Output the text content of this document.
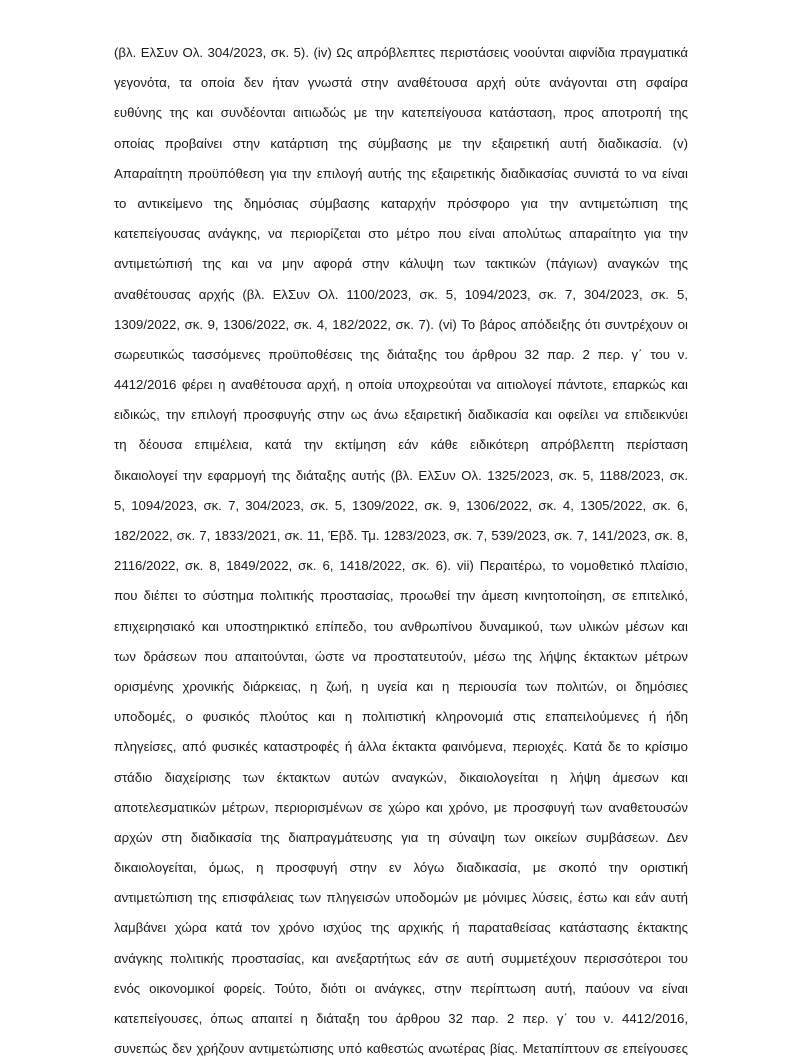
(βλ. ΕλΣυν Ολ. 304/2023, σκ. 5). (iv) Ως απρόβλεπτες περιστάσεις νοούνται αιφνίδια πραγματικά
γεγονότα, τα οποία δεν ήταν γνωστά στην αναθέτουσα αρχή ούτε ανάγονται στη σφαίρα
ευθύνης της και συνδέονται αιτιωδώς με την κατεπείγουσα κατάσταση, προς αποτροπή της
οποίας προβαίνει στην κατάρτιση της σύμβασης με την εξαιρετική αυτή διαδικασία. (v)
Απαραίτητη προϋπόθεση για την επιλογή αυτής της εξαιρετικής διαδικασίας συνιστά το να είναι
το αντικείμενο της δημόσιας σύμβασης καταρχήν πρόσφορο για την αντιμετώπιση της
κατεπείγουσας ανάγκης, να περιορίζεται στο μέτρο που είναι απολύτως απαραίτητο για την
αντιμετώπισή της και να μην αφορά στην κάλυψη των τακτικών (πάγιων) αναγκών της
αναθέτουσας αρχής (βλ. ΕλΣυν Ολ. 1100/2023, σκ. 5, 1094/2023, σκ. 7, 304/2023, σκ. 5,
1309/2022, σκ. 9, 1306/2022, σκ. 4, 182/2022, σκ. 7). (vi) Το βάρος απόδειξης ότι συντρέχουν οι
σωρευτικώς τασσόμενες προϋποθέσεις της διάταξης του άρθρου 32 παρ. 2 περ. γ΄ του ν.
4412/2016 φέρει η αναθέτουσα αρχή, η οποία υποχρεούται να αιτιολογεί πάντοτε, επαρκώς και
ειδικώς, την επιλογή προσφυγής στην ως άνω εξαιρετική διαδικασία και οφείλει να επιδεικνύει
τη δέουσα επιμέλεια, κατά την εκτίμηση εάν κάθε ειδικότερη απρόβλεπτη περίσταση
δικαιολογεί την εφαρμογή της διάταξης αυτής (βλ. ΕλΣυν Ολ. 1325/2023, σκ. 5, 1188/2023, σκ.
5, 1094/2023, σκ. 7, 304/2023, σκ. 5, 1309/2022, σκ. 9, 1306/2022, σκ. 4, 1305/2022, σκ. 6,
182/2022, σκ. 7, 1833/2021, σκ. 11, Έβδ. Τμ. 1283/2023, σκ. 7, 539/2023, σκ. 7, 141/2023, σκ. 8,
2116/2022, σκ. 8, 1849/2022, σκ. 6, 1418/2022, σκ. 6). vii) Περαιτέρω, το νομοθετικό πλαίσιο,
που διέπει το σύστημα πολιτικής προστασίας, προωθεί την άμεση κινητοποίηση, σε επιτελικό,
επιχειρησιακό και υποστηρικτικό επίπεδο, του ανθρωπίνου δυναμικού, των υλικών μέσων και
των δράσεων που απαιτούνται, ώστε να προστατευτούν, μέσω της λήψης έκτακτων μέτρων
ορισμένης χρονικής διάρκειας, η ζωή, η υγεία και η περιουσία των πολιτών, οι δημόσιες
υποδομές, ο φυσικός πλούτος και η πολιτιστική κληρονομιά στις επαπειλούμενες ή ήδη
πληγείσες, από φυσικές καταστροφές ή άλλα έκτακτα φαινόμενα, περιοχές. Κατά δε το κρίσιμο
στάδιο διαχείρισης των έκτακτων αυτών αναγκών, δικαιολογείται η λήψη άμεσων και
αποτελεσματικών μέτρων, περιορισμένων σε χώρο και χρόνο, με προσφυγή των αναθετουσών
αρχών στη διαδικασία της διαπραγμάτευσης για τη σύναψη των οικείων συμβάσεων. Δεν
δικαιολογείται, όμως, η προσφυγή στην εν λόγω διαδικασία, με σκοπό την οριστική
αντιμετώπιση της επισφάλειας των πληγεισών υποδομών με μόνιμες λύσεις, έστω και εάν αυτή
λαμβάνει χώρα κατά τον χρόνο ισχύος της αρχικής ή παραταθείσας κατάστασης έκτακτης
ανάγκης πολιτικής προστασίας, και ανεξαρτήτως εάν σε αυτή συμμετέχουν περισσότεροι του
ενός οικονομικοί φορείς. Τούτο, διότι οι ανάγκες, στην περίπτωση αυτή, παύουν να είναι
κατεπείγουσες, όπως απαιτεί η διάταξη του άρθρου 32 παρ. 2 περ. γ΄ του ν. 4412/2016,
συνεπώς δεν χρήζουν αντιμετώπισης υπό καθεστώς ανωτέρας βίας. Μεταπίπτουν σε επείγουσες
